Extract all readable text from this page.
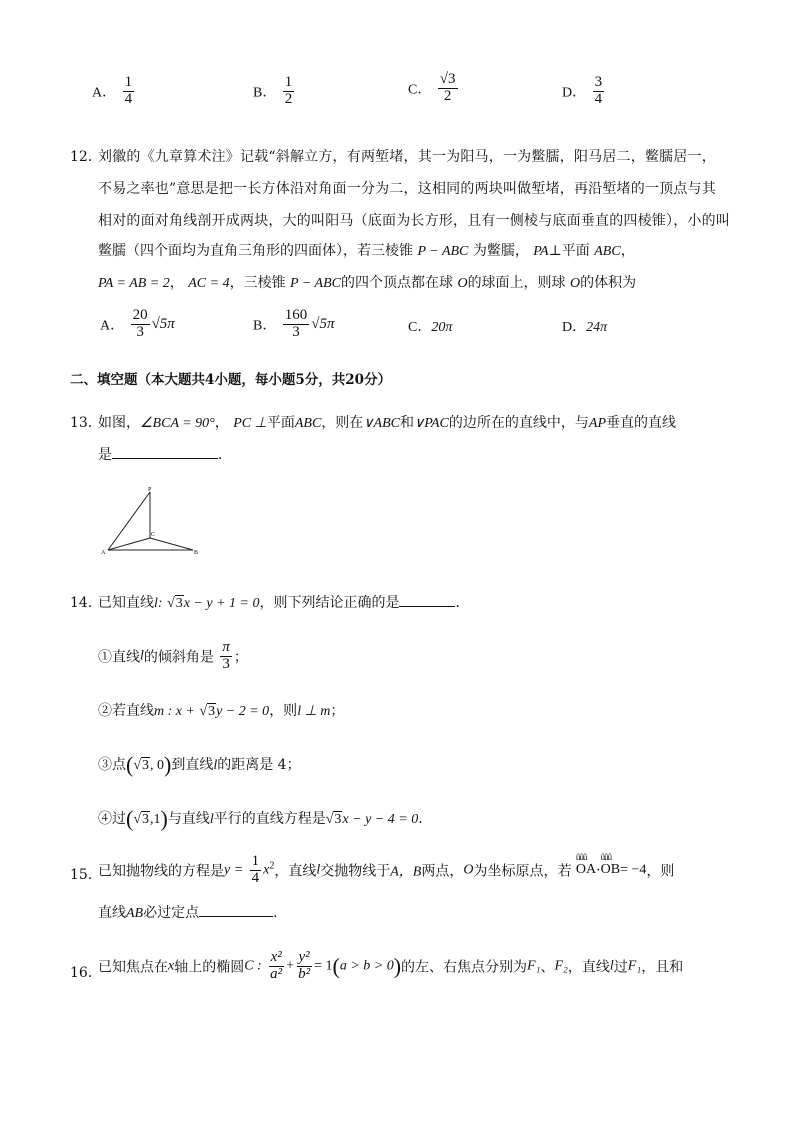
A． $\frac{1}{4}$	B． $\frac{1}{2}$	C． $\frac{√3}{2}$	D． $\frac{3}{4}$
12．
刘徽的《九章算术注》记载“斜解立方，有两堑堵，其一为阳马，一为鳖臑，阳马居二，鳖臑居一，
不易之率也”意思是把一长方体沿对角面一分为二，这相同的两块叫做堑堵，再沿堑堵的一顶点与其
相对的面对角线剖开成两块，大的叫阳马（底面为长方形，且有一侧棱与底面垂直的四棱锥），小的叫
鳖臑（四个面均为直角三角形的四面体），若三棱锥 P − ABC 为鳖臑， PA⊥平面 ABC，
PA = AB = 2， AC = 4，三棱锥 P − ABC的四个顶点都在球 O的球面上，则球 O的体积为
A． $\frac{20}{3} √5\pi$	B． $\frac{160}{3} √5\pi$	C．20π	D．24π
二、填空题（本大题共4小题，每小题5分，共20分）
13．
如图，∠BCA = 90°， PC ⊥平面ABC，则在∨ABC和∨PAC的边所在的直线中，与AP垂直的直线
是	．
P
C
A	B
14．
已知直线l: √3x − y + 1 = 0，则下列结论正确的是	．
①直线l的倾斜角是 $\frac{\pi}{3}$ ；
②若直线m : x + √3y − 2 = 0，则l ⊥ m；
③点(√3, 0)到直线l的距离是 4；
④过(√3,1)与直线l平行的直线方程是√3x − y − 4 = 0．
15．
已知抛物线的方程是$y = \frac{1}{4} x^2$，直线l交抛物线于A，B两点，O为坐标原点，若
ûûû
OA·
ûûû
OB= −4，则
直线AB必过定点	．
16．
已知焦点在x轴上的椭圆C : $\frac{\text{x²}}{\text{a²}} + \frac{\text{y²}}{\text{b²}} = 1(a > b > 0)$的左、右焦点分别为F₁、F₂，直线l过F₁，且和
